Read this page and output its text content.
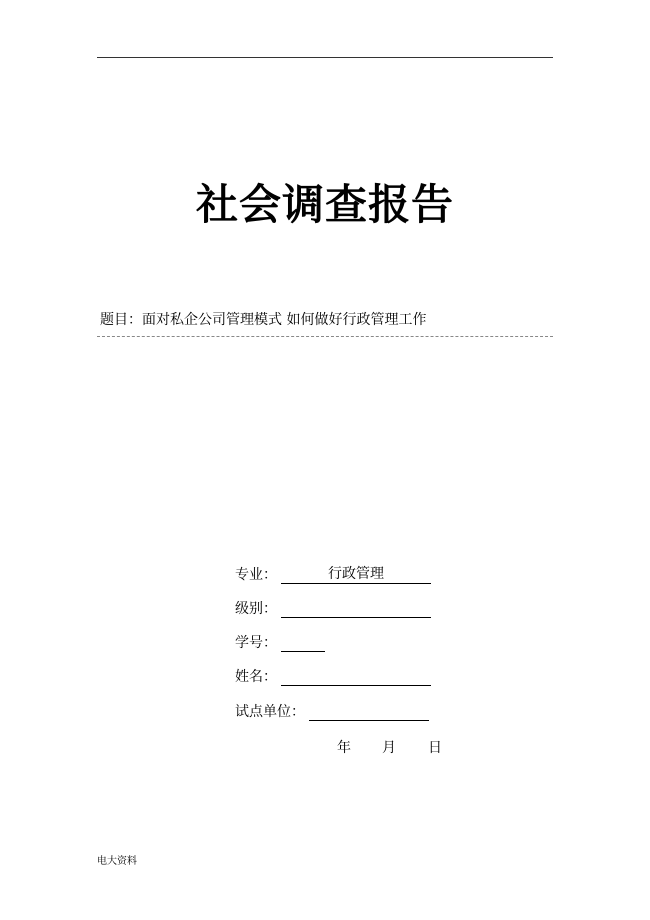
社会调查报告
题目：面对私企公司管理模式 如何做好行政管理工作
专业：	行政管理
级别：
学号：
姓名：
试点单位：
年 月 日
电大资料
